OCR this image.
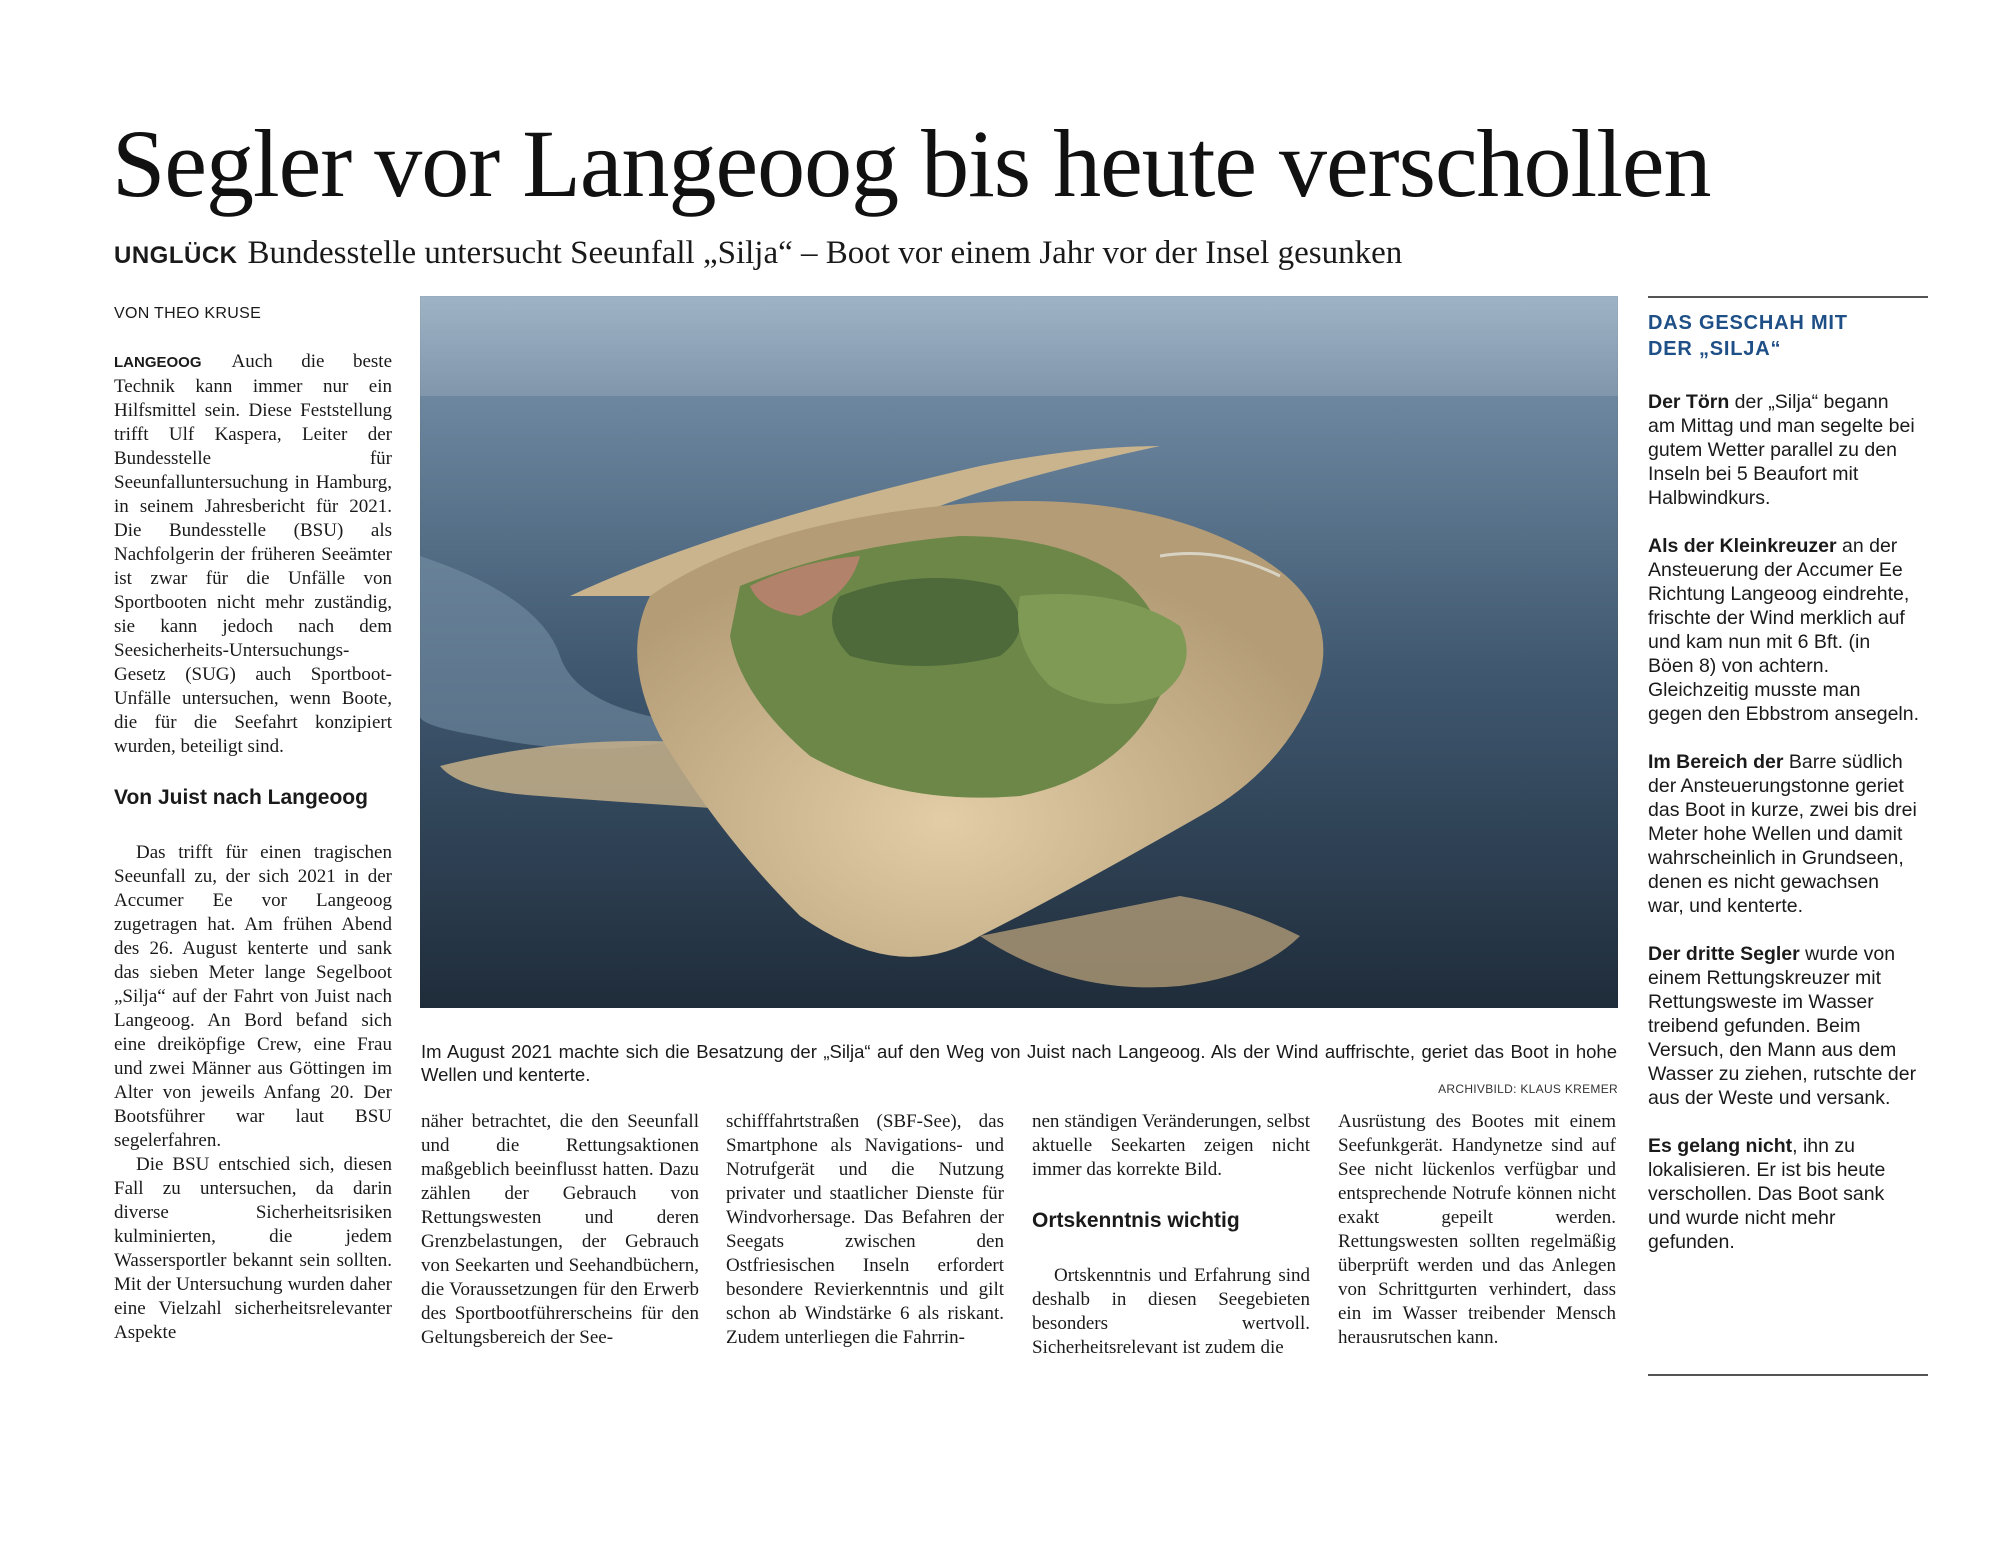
Segler vor Langeoog bis heute verschollen
UNGLÜCK Bundesstelle untersucht Seeunfall „Silja“ – Boot vor einem Jahr vor der Insel gesunken
VON THEO KRUSE

LANGEOOG Auch die beste Technik kann immer nur ein Hilfsmittel sein. Diese Feststellung trifft Ulf Kaspera, Leiter der Bundesstelle für Seeunfalluntersuchung in Hamburg, in seinem Jahresbericht für 2021. Die Bundesstelle (BSU) als Nachfolgerin der früheren Seeämter ist zwar für die Unfälle von Sportbooten nicht mehr zuständig, sie kann jedoch nach dem Seesicherheits-Untersuchungs-Gesetz (SUG) auch Sportboot-Unfälle untersuchen, wenn Boote, die für die Seefahrt konzipiert wurden, beteiligt sind.

Von Juist nach Langeoog

Das trifft für einen tragischen Seeunfall zu, der sich 2021 in der Accumer Ee vor Langeoog zugetragen hat. Am frühen Abend des 26. August kenterte und sank das sieben Meter lange Segelboot „Silja“ auf der Fahrt von Juist nach Langeoog. An Bord befand sich eine dreiköpfige Crew, eine Frau und zwei Männer aus Göttingen im Alter von jeweils Anfang 20. Der Bootsführer war laut BSU segelerfahren.

Die BSU entschied sich, diesen Fall zu untersuchen, da darin diverse Sicherheitsrisiken kulminierten, die jedem Wassersportler bekannt sein sollten. Mit der Untersuchung wurden daher eine Vielzahl sicherheitsrelevanter Aspekte

Im August 2021 machte sich die Besatzung der „Silja“ auf den Weg von Juist nach Langeoog. Als der Wind auffrischte, geriet das Boot in hohe Wellen und kenterte.
ARCHIVBILD: KLAUS KREMER

näher betrachtet, die den Seeunfall und die Rettungsaktionen maßgeblich beeinflusst hatten. Dazu zählen der Gebrauch von Rettungswesten und deren Grenzbelastungen, der Gebrauch von Seekarten und Seehandbüchern, die Voraussetzungen für den Erwerb des Sportbootführerscheins für den Geltungsbereich der See-

schifffahrtstraßen (SBF-See), das Smartphone als Navigations- und Notrufgerät und die Nutzung privater und staatlicher Dienste für Windvorhersage. Das Befahren der Seegats zwischen den Ostfriesischen Inseln erfordert besondere Revierkenntnis und gilt schon ab Windstärke 6 als riskant. Zudem unterliegen die Fahrrin-

nen ständigen Veränderungen, selbst aktuelle Seekarten zeigen nicht immer das korrekte Bild.

Ortskenntnis wichtig

Ortskenntnis und Erfahrung sind deshalb in diesen Seegebieten besonders wertvoll. Sicherheitsrelevant ist zudem die

Ausrüstung des Bootes mit einem Seefunkgerät. Handynetze sind auf See nicht lückenlos verfügbar und entsprechende Notrufe können nicht exakt gepeilt werden. Rettungswesten sollten regelmäßig überprüft werden und das Anlegen von Schrittgurten verhindert, dass ein im Wasser treibender Mensch herausrutschen kann.

DAS GESCHAH MIT
DER „SILJA“

Der Törn der „Silja“ begann am Mittag und man segelte bei gutem Wetter parallel zu den Inseln bei 5 Beaufort mit Halbwindkurs.

Als der Kleinkreuzer an der Ansteuerung der Accumer Ee Richtung Langeoog eindrehte, frischte der Wind merklich auf und kam nun mit 6 Bft. (in Böen 8) von achtern. Gleichzeitig musste man gegen den Ebbstrom ansegeln.

Im Bereich der Barre südlich der Ansteuerungstonne geriet das Boot in kurze, zwei bis drei Meter hohe Wellen und damit wahrscheinlich in Grundseen, denen es nicht gewachsen war, und kenterte.

Der dritte Segler wurde von einem Rettungskreuzer mit Rettungsweste im Wasser treibend gefunden. Beim Versuch, den Mann aus dem Wasser zu ziehen, rutschte der aus der Weste und versank.

Es gelang nicht, ihn zu lokalisieren. Er ist bis heute verschollen. Das Boot sank und wurde nicht mehr gefunden.
